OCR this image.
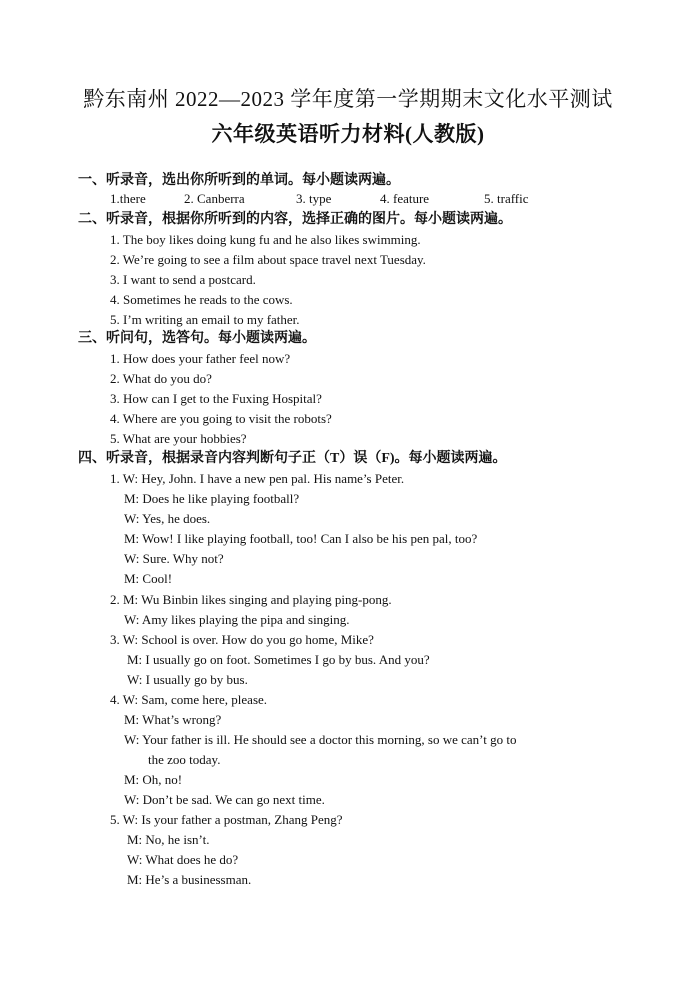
黔东南州 2022—2023 学年度第一学期期末文化水平测试
六年级英语听力材料(人教版)
一、听录音，选出你所听到的单词。每小题读两遍。
1.there	2. Canberra	3. type	4. feature	5. traffic
二、听录音，根据你所听到的内容，选择正确的图片。每小题读两遍。
1. The boy likes doing kung fu and he also likes swimming.
2. We’re going to see a film about space travel next Tuesday.
3. I want to send a postcard.
4. Sometimes he reads to the cows.
5. I’m writing an email to my father.
三、听问句，选答句。每小题读两遍。
1. How does your father feel now?
2. What do you do?
3. How can I get to the Fuxing Hospital?
4. Where are you going to visit the robots?
5. What are your hobbies?
四、听录音，根据录音内容判断句子正（T）误（F)。每小题读两遍。
1. W: Hey, John. I have a new pen pal. His name’s Peter.
M: Does he like playing football?
W: Yes, he does.
M: Wow! I like playing football, too! Can I also be his pen pal, too?
W: Sure. Why not?
M: Cool!
2. M: Wu Binbin likes singing and playing ping-pong.
W: Amy likes playing the pipa and singing.
3. W: School is over. How do you go home, Mike?
M: I usually go on foot. Sometimes I go by bus. And you?
W: I usually go by bus.
4. W: Sam, come here, please.
M: What’s wrong?
W: Your father is ill. He should see a doctor this morning, so we can’t go to
the zoo today.
M: Oh, no!
W: Don’t be sad. We can go next time.
5. W: Is your father a postman, Zhang Peng?
M: No, he isn’t.
W: What does he do?
M: He’s a businessman.
